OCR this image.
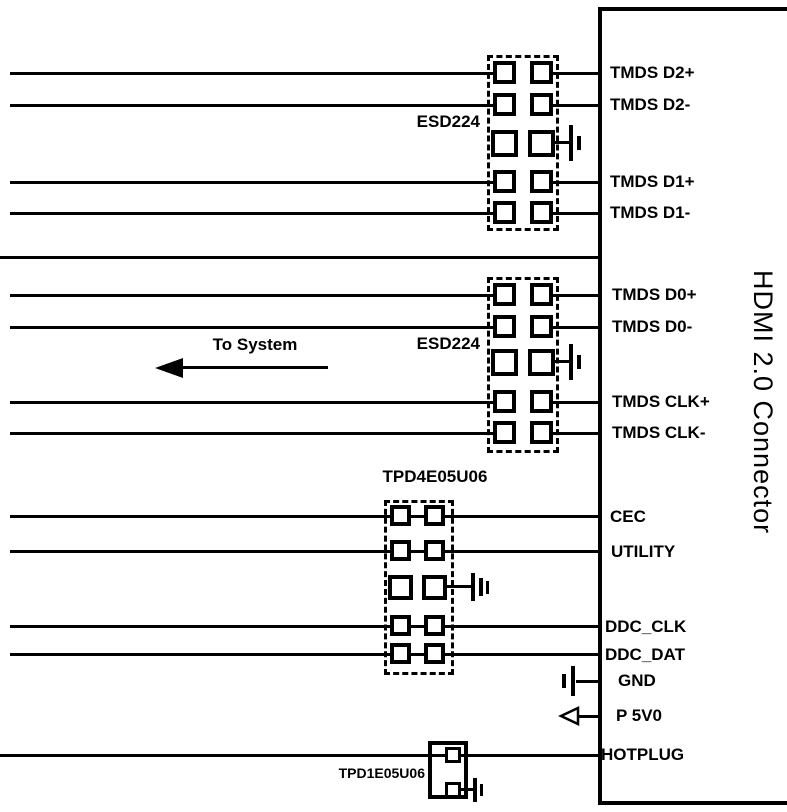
HDMI 2.0 Connector
ESD224
ESD224
TPD4E05U06
TPD1E05U06
To System
TMDS D2+
TMDS D2-
TMDS D1+
TMDS D1-
TMDS D0+
TMDS D0-
TMDS CLK+
TMDS CLK-
CEC
UTILITY
DDC_CLK
DDC_DAT
GND
P 5V0
HOTPLUG
